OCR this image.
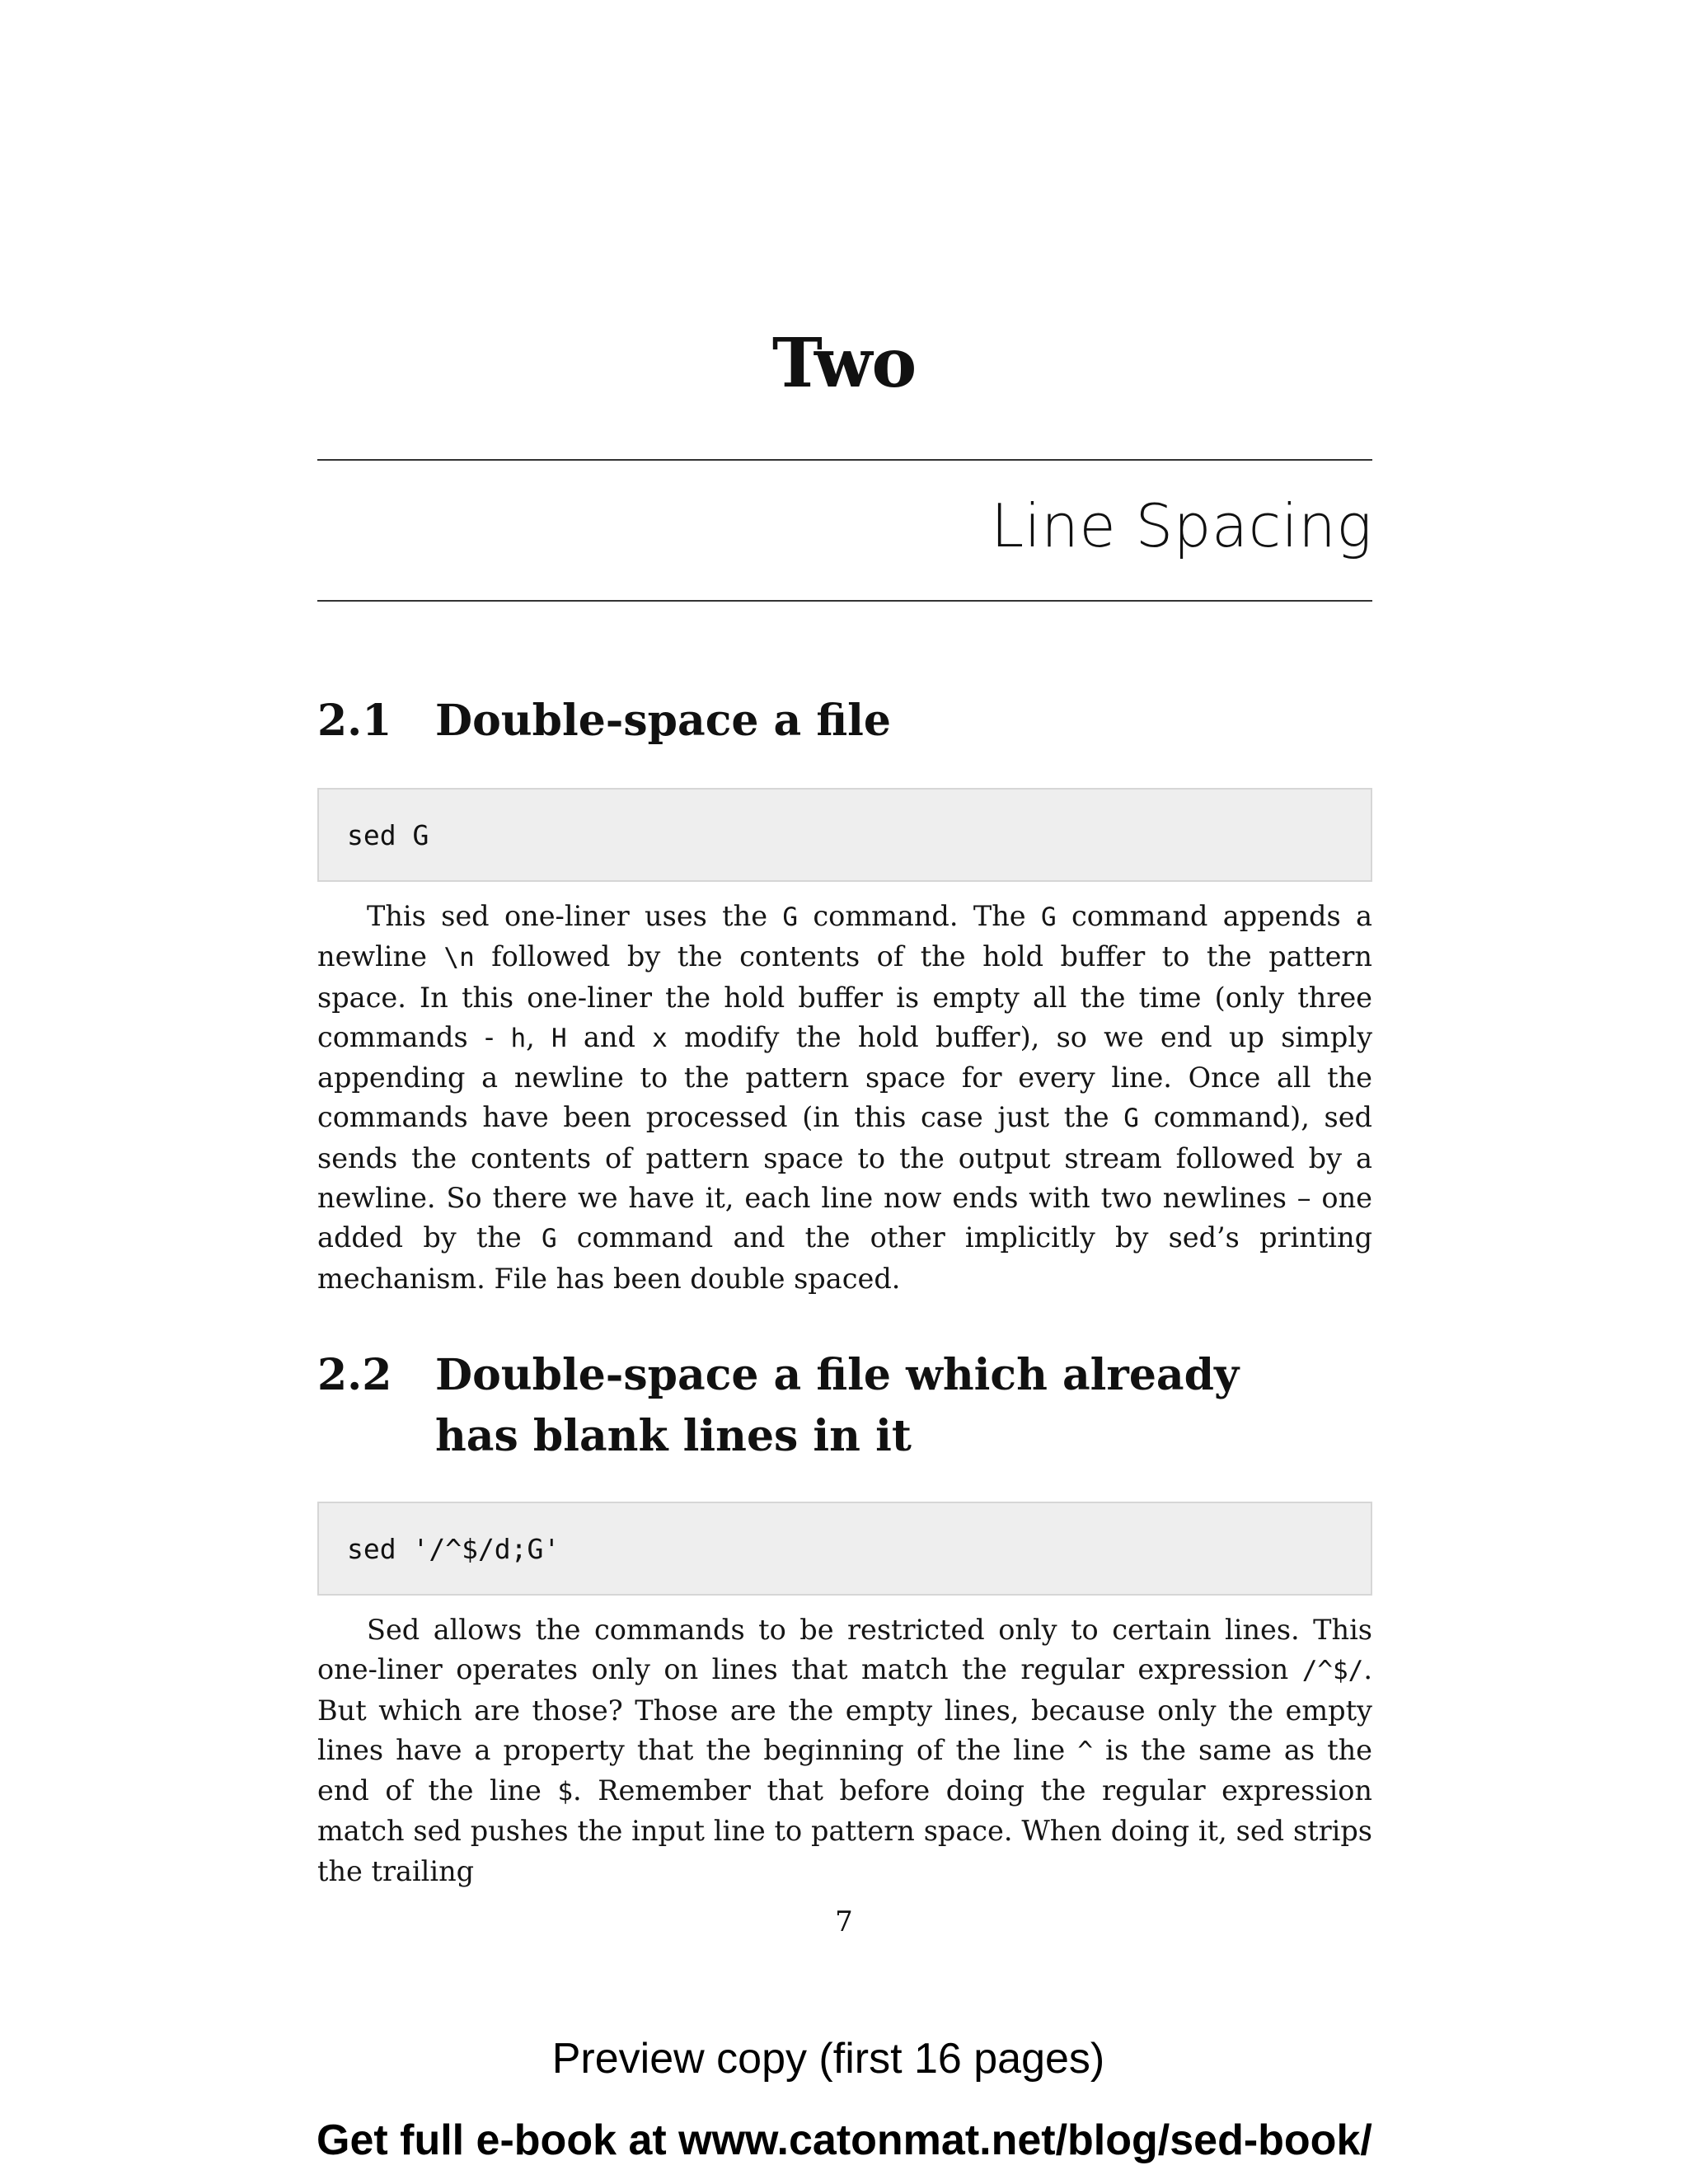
Two
Line Spacing
2.1	Double-space a file
sed G

This sed one-liner uses the G command. The G command appends a newline \n followed by the contents of the hold buffer to the pattern space. In this one-liner the hold buffer is empty all the time (only three commands - h, H and x modify the hold buffer), so we end up simply appending a newline to the pattern space for every line. Once all the commands have been processed (in this case just the G command), sed sends the contents of pattern space to the output stream followed by a newline. So there we have it, each line now ends with two newlines – one added by the G command and the other implicitly by sed’s printing mechanism. File has been double spaced.

2.2	Double-space a file which already has blank lines in it
sed '/^$/d;G'

Sed allows the commands to be restricted only to certain lines. This one-liner operates only on lines that match the regular expression /^$/. But which are those? Those are the empty lines, because only the empty lines have a property that the beginning of the line ^ is the same as the end of the line $. Remember that before doing the regular expression match sed pushes the input line to pattern space. When doing it, sed strips the trailing

7
Preview copy (first 16 pages)
Get full e-book at www.catonmat.net/blog/sed-book/
